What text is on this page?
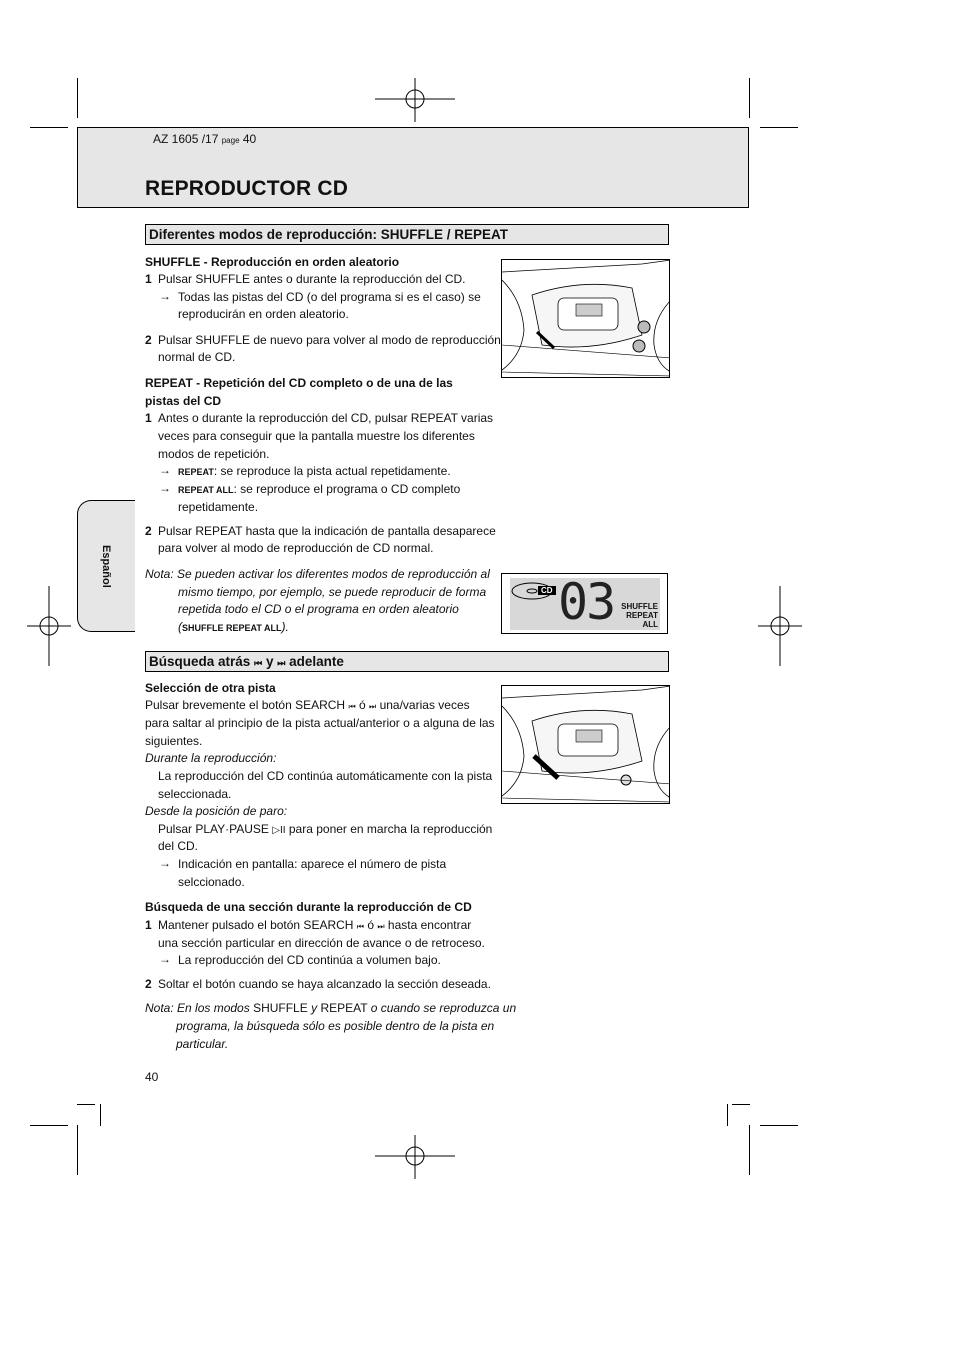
AZ 1605 /17 page 40
REPRODUCTOR CD
Español
Diferentes modos de reproducción: SHUFFLE / REPEAT
SHUFFLE - Reproducción en orden aleatorio
1 Pulsar SHUFFLE antes o durante la reproducción del CD.
→ Todas las pistas del CD (o del programa si es el caso) se
reproducirán en orden aleatorio.
2 Pulsar SHUFFLE de nuevo para volver al modo de reproducción
normal de CD.
REPEAT - Repetición del CD completo o de una de las
pistas del CD
1 Antes o durante la reproducción del CD, pulsar REPEAT varias
veces para conseguir que la pantalla muestre los diferentes
modos de repetición.
→ REPEAT: se reproduce la pista actual repetidamente.
→ REPEAT ALL: se reproduce el programa o CD completo
repetidamente.
2 Pulsar REPEAT hasta que la indicación de pantalla desaparece
para volver al modo de reproducción de CD normal.
Nota: Se pueden activar los diferentes modos de reproducción al
mismo tiempo, por ejemplo, se puede reproducir de forma
repetida todo el CD o el programa en orden aleatorio
(SHUFFLE REPEAT ALL).
CD 03 SHUFFLE
REPEAT
ALL
Búsqueda atrás ⏮ y ⏭ adelante
Selección de otra pista
Pulsar brevemente el botón SEARCH ⏮ ó ⏭ una/varias veces
para saltar al principio de la pista actual/anterior o a alguna de las
siguientes.
Durante la reproducción:
La reproducción del CD continúa automáticamente con la pista
seleccionada.
Desde la posición de paro:
Pulsar PLAY·PAUSE ▷II para poner en marcha la reproducción
del CD.
→ Indicación en pantalla: aparece el número de pista
selccionado.
Búsqueda de una sección durante la reproducción de CD
1 Mantener pulsado el botón SEARCH ⏮ ó ⏭ hasta encontrar
una sección particular en dirección de avance o de retroceso.
→ La reproducción del CD continúa a volumen bajo.
2 Soltar el botón cuando se haya alcanzado la sección deseada.
Nota: En los modos SHUFFLE y REPEAT o cuando se reproduzca un
programa, la búsqueda sólo es posible dentro de la pista en
particular.
40
